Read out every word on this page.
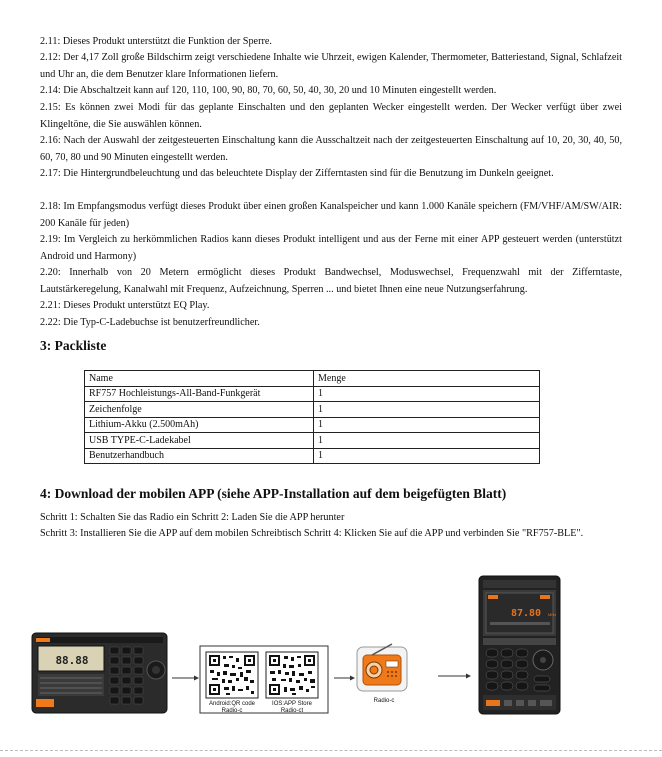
2.11: Dieses Produkt unterstützt die Funktion der Sperre.

2.12: Der 4,17 Zoll große Bildschirm zeigt verschiedene Inhalte wie Uhrzeit, ewigen Kalender, Thermometer, Batteriestand, Signal, Schlafzeit und Uhr an, die dem Benutzer klare Informationen liefern.

2.14: Die Abschaltzeit kann auf 120, 110, 100, 90, 80, 70, 60, 50, 40, 30, 20 und 10 Minuten eingestellt werden.

2.15: Es können zwei Modi für das geplante Einschalten und den geplanten Wecker eingestellt werden. Der Wecker verfügt über zwei Klingeltöne, die Sie auswählen können.

2.16: Nach der Auswahl der zeitgesteuerten Einschaltung kann die Ausschaltzeit nach der zeitgesteuerten Einschaltung auf 10, 20, 30, 40, 50, 60, 70, 80 und 90 Minuten eingestellt werden.

2.17: Die Hintergrundbeleuchtung und das beleuchtete Display der Zifferntasten sind für die Benutzung im Dunkeln geeignet.

2.18: Im Empfangsmodus verfügt dieses Produkt über einen großen Kanalspeicher und kann 1.000 Kanäle speichern (FM/VHF/AM/SW/AIR: 200 Kanäle für jeden)

2.19: Im Vergleich zu herkömmlichen Radios kann dieses Produkt intelligent und aus der Ferne mit einer APP gesteuert werden (unterstützt Android und Harmony)

2.20: Innerhalb von 20 Metern ermöglicht dieses Produkt Bandwechsel, Moduswechsel, Frequenzwahl mit der Zifferntaste, Lautstärkeregelung, Kanalwahl mit Frequenz, Aufzeichnung, Sperren ... und bietet Ihnen eine neue Nutzungserfahrung.

2.21: Dieses Produkt unterstützt EQ Play.

2.22: Die Typ-C-Ladebuchse ist benutzerfreundlicher.

3: Packliste
Name	Menge
RF757 Hochleistungs-All-Band-Funkgerät	1
Zeichenfolge	1
Lithium-Akku (2.500mAh)	1
USB TYPE-C-Ladekabel	1
Benutzerhandbuch	1
4: Download der mobilen APP (siehe APP-Installation auf dem beigefügten Blatt)

Schritt 1: Schalten Sie das Radio ein Schritt 2: Laden Sie die APP herunter

Schritt 3: Installieren Sie die APP auf dem mobilen Schreibtisch Schritt 4: Klicken Sie auf die APP und verbinden Sie "RF757-BLE".

88.88
Android:QR code
Radio-c
IOS:APP Store
Radio-ct
Radio-c
87.80 MHz
